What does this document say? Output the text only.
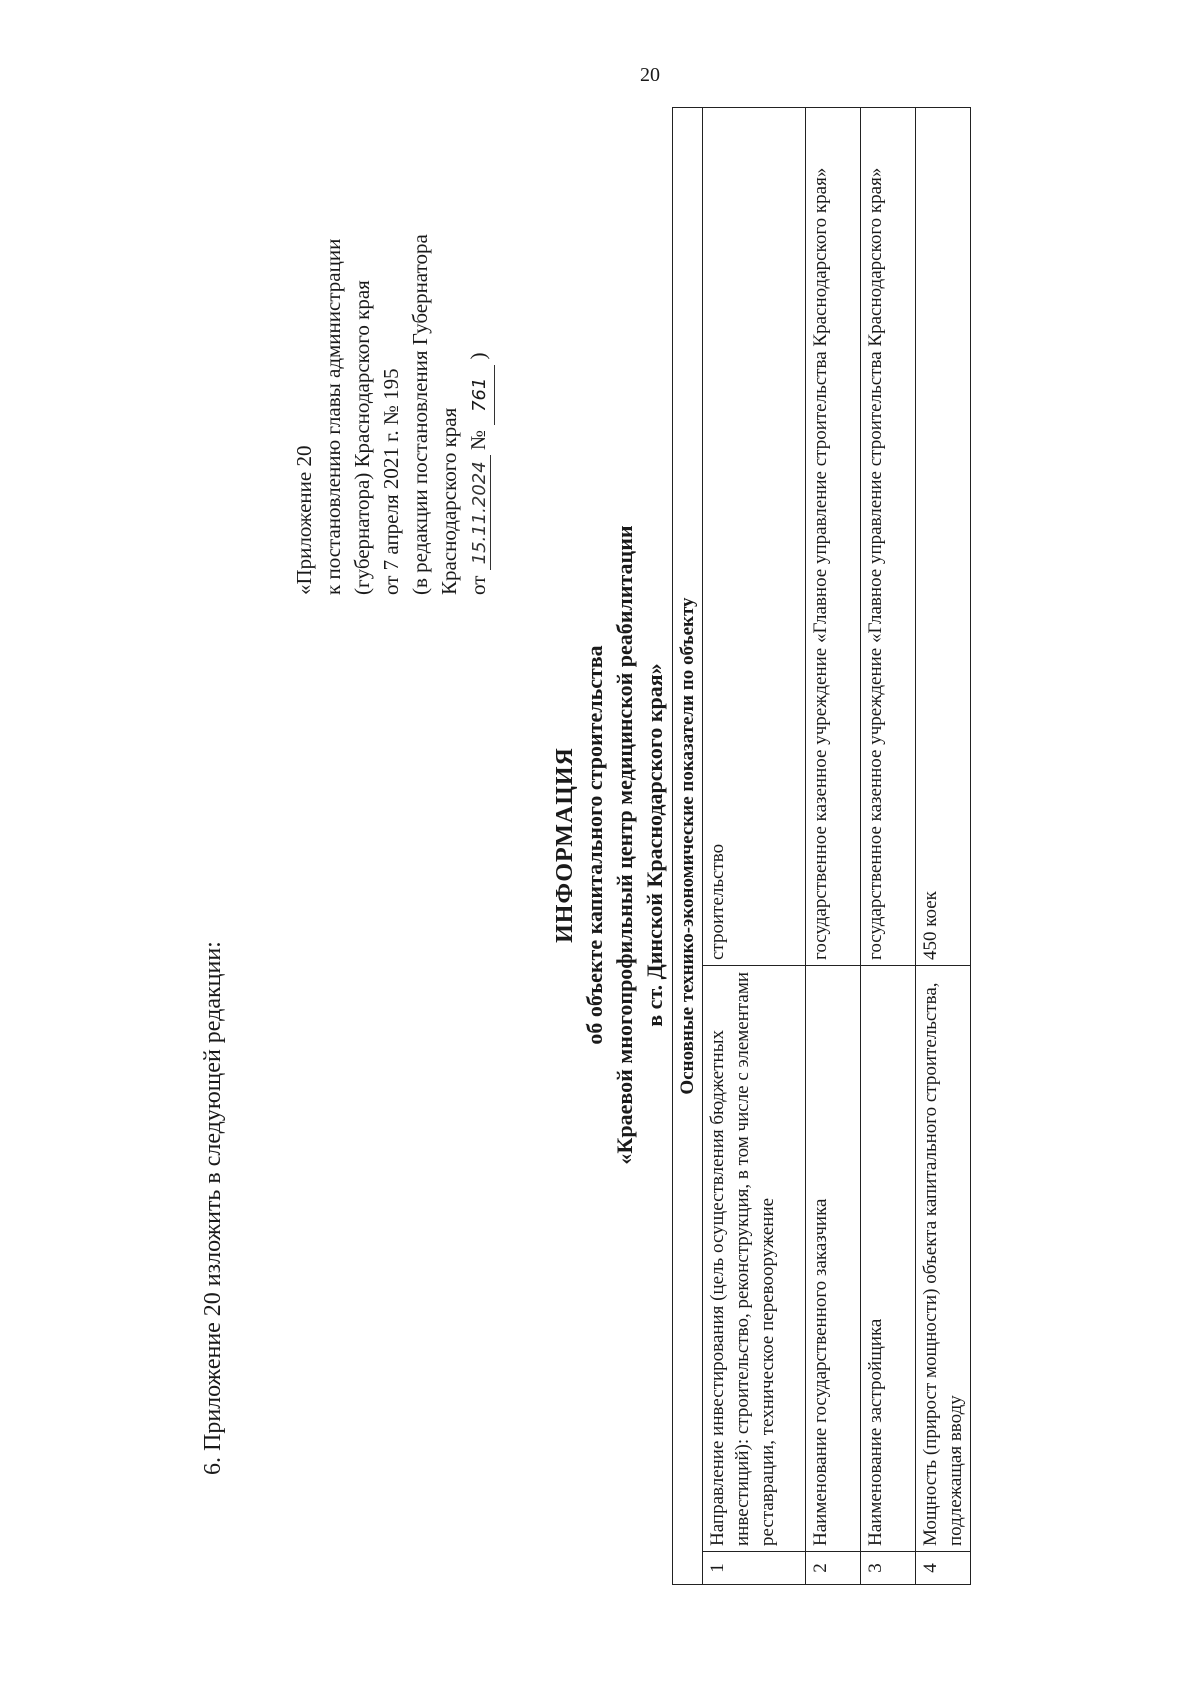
20
6. Приложение 20 изложить в следующей редакции:
«Приложение 20 к постановлению главы администрации (губернатора) Краснодарского края от 7 апреля 2021 г. № 195 (в редакции постановления Губернатора Краснодарского края от 15.11.2024 № 761 )
ИНФОРМАЦИЯ об объекте капитального строительства «Краевой многопрофильный центр медицинской реабилитации в ст. Динской Краснодарского края» Основные технико-экономические показатели по объекту		
1	Направление инвестирования (цель осуществления бюджетных инвестиций): строительство, реконструкция, в том числе с элементами реставрации, техническое перевооружение	строительство
2	Наименование государственного заказчика	государственное казенное учреждение «Главное управление строительства Краснодарского края»
3	Наименование застройщика	государственное казенное учреждение «Главное управление строительства Краснодарского края»
4	Мощность (прирост мощности) объекта капитального строительства, подлежащая вводу	450 коек
